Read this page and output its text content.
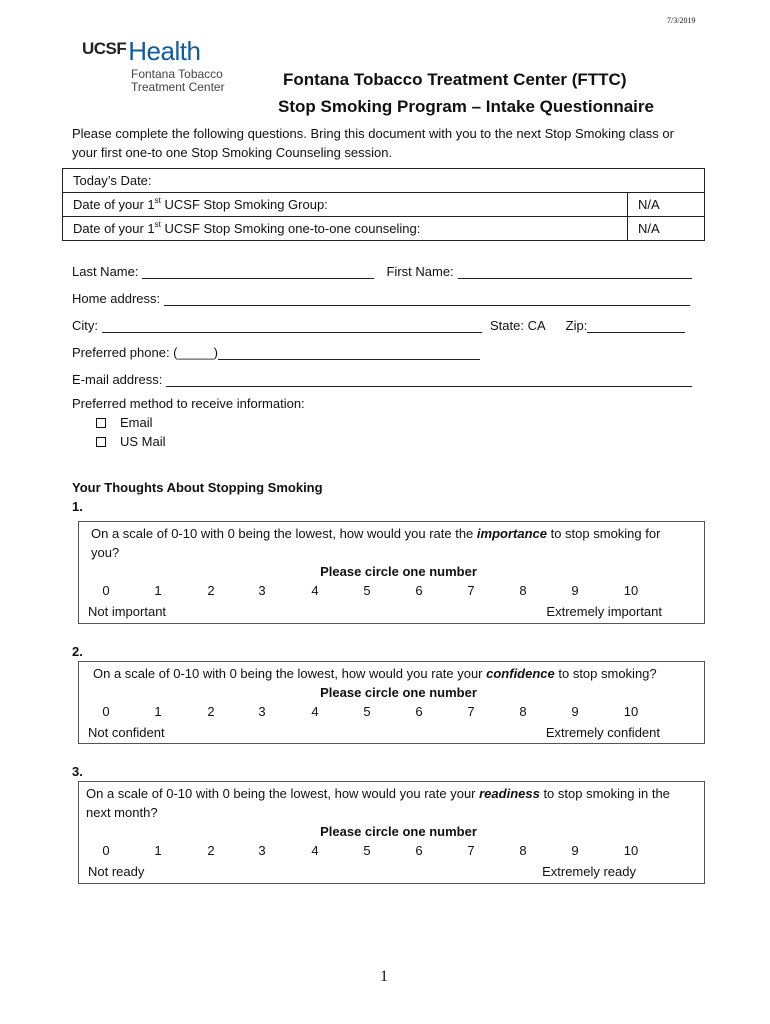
7/3/2019
$^{UCSF}$Health
Fontana Tobacco
Treatment Center	Fontana Tobacco Treatment Center (FTTC)
Stop Smoking Program – Intake Questionnaire
Please complete the following questions. Bring this document with you to the next Stop Smoking class or your first one-to one Stop Smoking Counseling session.
Today’s Date:	
Date of your 1st UCSF Stop Smoking Group:	N/A
Date of your 1st UCSF Stop Smoking one-to-one counseling:	N/A
Last Name:	First Name:
Home address:
City:	State: CA Zip:
Preferred phone: (_____)
E-mail address:
Preferred method to receive information:
Email
US Mail
Your Thoughts About Stopping Smoking
1.
On a scale of 0-10 with 0 being the lowest, how would you rate the importance to stop smoking for you?
Please circle one number
0	1	2	3	4	5	6	7	8	9	10
Not important	Extremely important
2.
On a scale of 0-10 with 0 being the lowest, how would you rate your confidence to stop smoking?
Please circle one number
0	1	2	3	4	5	6	7	8	9	10
Not confident	Extremely confident
3.
On a scale of 0-10 with 0 being the lowest, how would you rate your readiness to stop smoking in the next month?
Please circle one number
0	1	2	3	4	5	6	7	8	9	10
Not ready	Extremely ready
1
